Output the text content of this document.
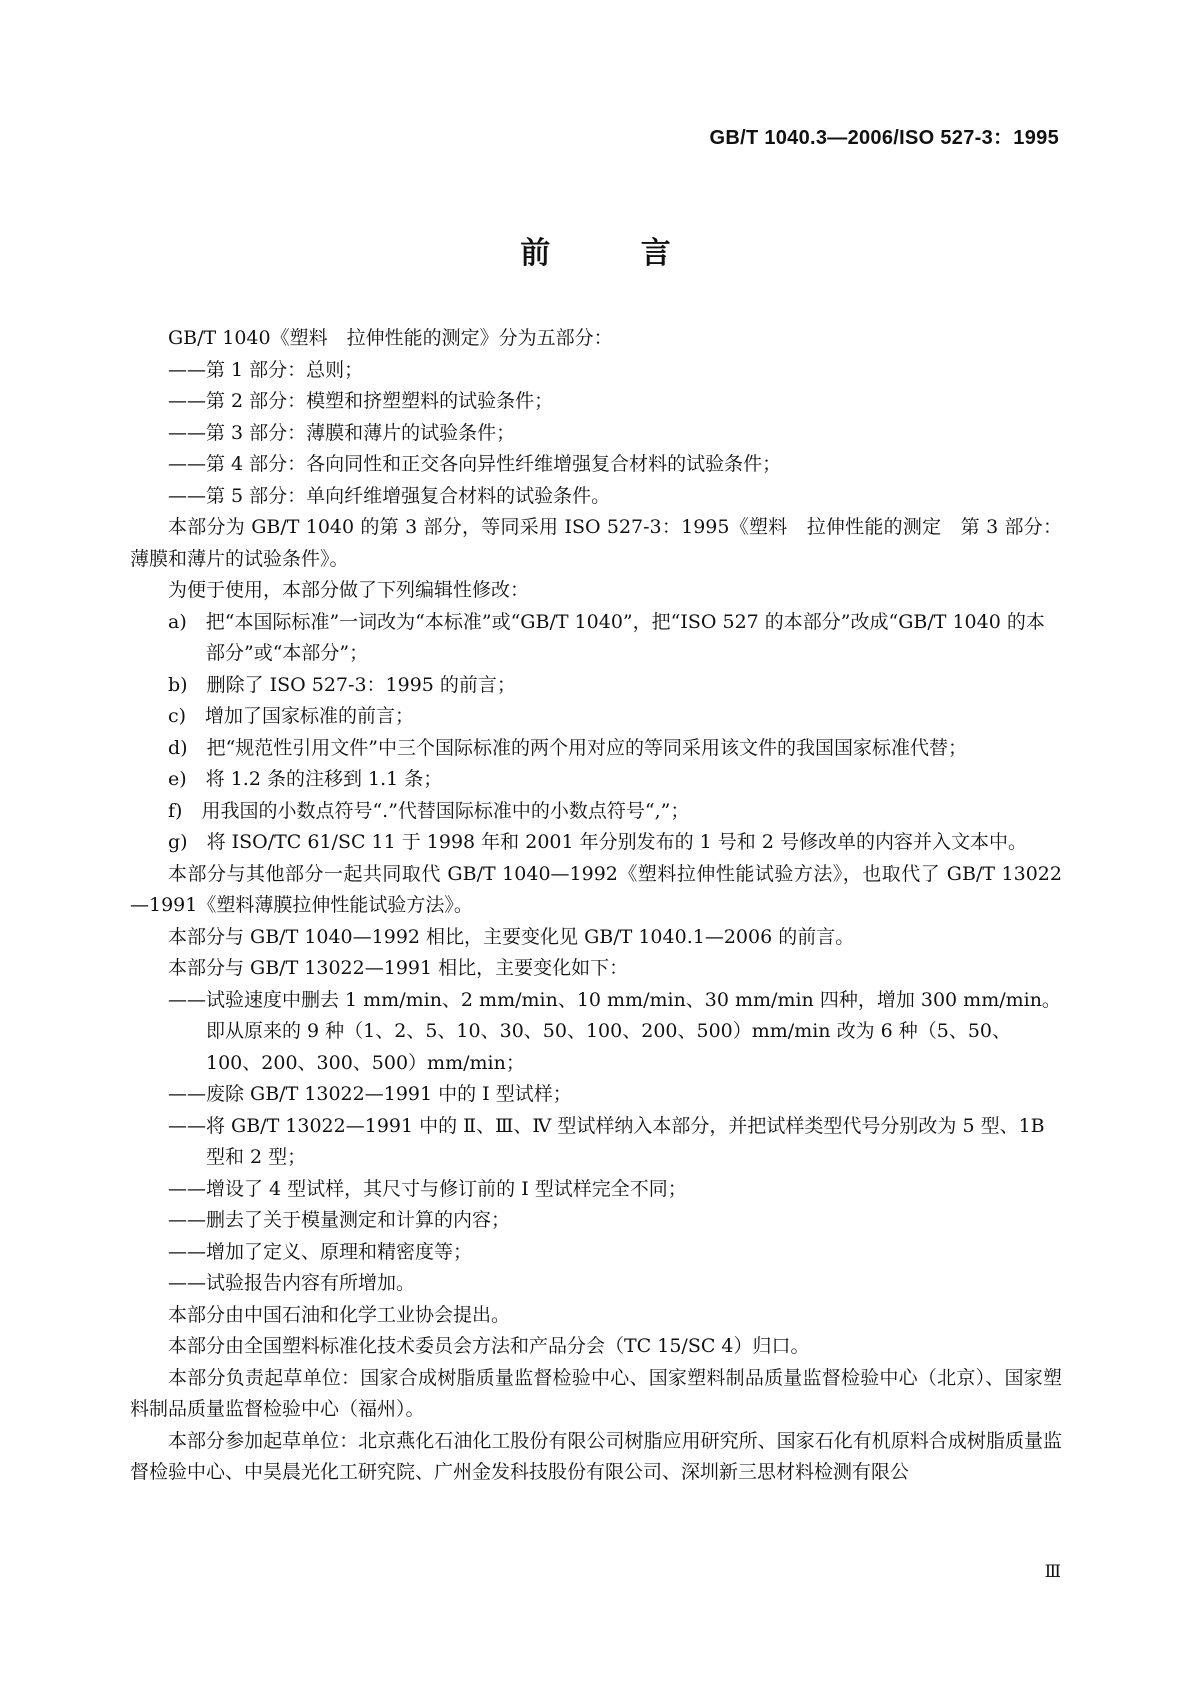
GB/T 1040.3—2006/ISO 527-3：1995
前 言

GB/T 1040《塑料　拉伸性能的测定》分为五部分：

——第 1 部分：总则；
——第 2 部分：模塑和挤塑塑料的试验条件；
——第 3 部分：薄膜和薄片的试验条件；
——第 4 部分：各向同性和正交各向异性纤维增强复合材料的试验条件；
——第 5 部分：单向纤维增强复合材料的试验条件。

本部分为 GB/T 1040 的第 3 部分，等同采用 ISO 527-3：1995《塑料　拉伸性能的测定　第 3 部分：薄膜和薄片的试验条件》。

为便于使用，本部分做了下列编辑性修改：

a)　把“本国际标准”一词改为“本标准”或“GB/T 1040”，把“ISO 527 的本部分”改成“GB/T 1040 的本部分”或“本部分”；
b)　删除了 ISO 527-3：1995 的前言；
c)　增加了国家标准的前言；
d)　把“规范性引用文件”中三个国际标准的两个用对应的等同采用该文件的我国国家标准代替；
e)　将 1.2 条的注移到 1.1 条；
f)　用我国的小数点符号“.”代替国际标准中的小数点符号“,”；
g)　将 ISO/TC 61/SC 11 于 1998 年和 2001 年分别发布的 1 号和 2 号修改单的内容并入文本中。

本部分与其他部分一起共同取代 GB/T 1040—1992《塑料拉伸性能试验方法》，也取代了 GB/T 13022—1991《塑料薄膜拉伸性能试验方法》。

本部分与 GB/T 1040—1992 相比，主要变化见 GB/T 1040.1—2006 的前言。

本部分与 GB/T 13022—1991 相比，主要变化如下：

——试验速度中删去 1 mm/min、2 mm/min、10 mm/min、30 mm/min 四种，增加 300 mm/min。即从原来的 9 种（1、2、5、10、30、50、100、200、500）mm/min 改为 6 种（5、50、100、200、300、500）mm/min；
——废除 GB/T 13022—1991 中的 Ⅰ 型试样；
——将 GB/T 13022—1991 中的 Ⅱ、Ⅲ、Ⅳ 型试样纳入本部分，并把试样类型代号分别改为 5 型、1B 型和 2 型；
——增设了 4 型试样，其尺寸与修订前的 Ⅰ 型试样完全不同；
——删去了关于模量测定和计算的内容；
——增加了定义、原理和精密度等；
——试验报告内容有所增加。

本部分由中国石油和化学工业协会提出。

本部分由全国塑料标准化技术委员会方法和产品分会（TC 15/SC 4）归口。

本部分负责起草单位：国家合成树脂质量监督检验中心、国家塑料制品质量监督检验中心（北京）、国家塑料制品质量监督检验中心（福州）。

本部分参加起草单位：北京燕化石油化工股份有限公司树脂应用研究所、国家石化有机原料合成树脂质量监督检验中心、中昊晨光化工研究院、广州金发科技股份有限公司、深圳新三思材料检测有限公

Ⅲ
